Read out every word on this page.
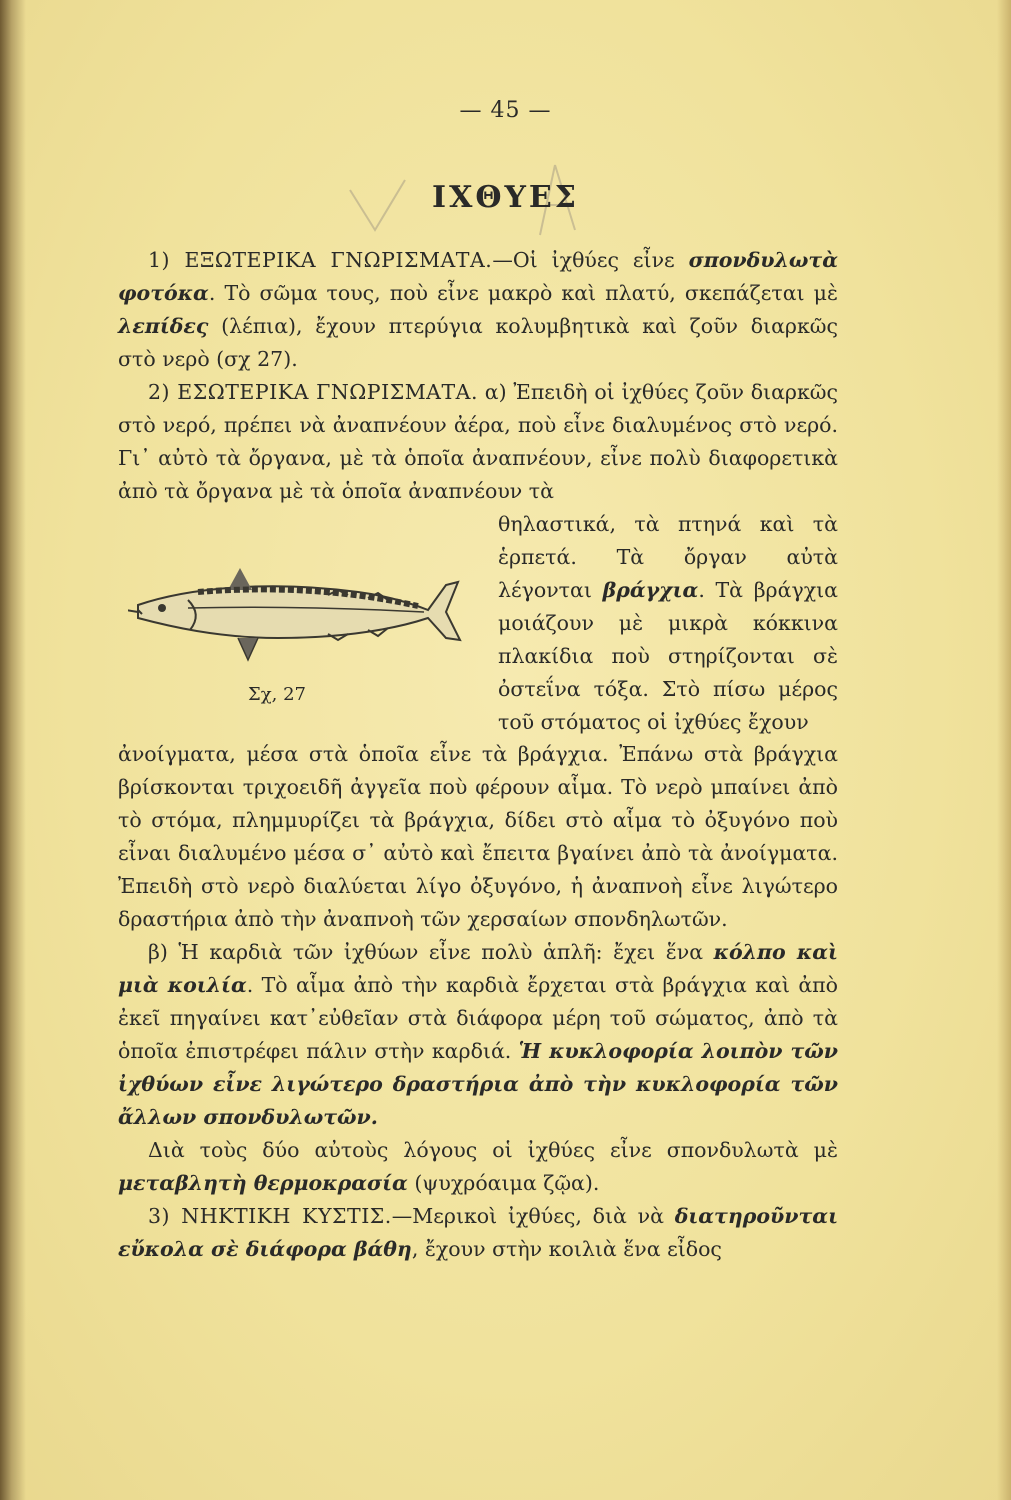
— 45 —
ΙΧΘΥΕΣ

1) ΕΞΩΤΕΡΙΚΑ ΓΝΩΡΙΣΜΑΤΑ.—Οἱ ἰχθύες εἶνε σπονδυλωτὰ φοτόκα. Τὸ σῶμα τους, ποὺ εἶνε μακρὸ καὶ πλατύ, σκεπάζεται μὲ λεπίδες (λέπια), ἔχουν πτερύγια κολυμβητικὰ καὶ ζοῦν διαρκῶς στὸ νερὸ (σχ 27).

2) ΕΣΩΤΕΡΙΚΑ ΓΝΩΡΙΣΜΑΤΑ. α) Ἐπειδὴ οἱ ἰχθύες ζοῦν διαρκῶς στὸ νερό, πρέπει νὰ ἀναπνέουν ἀέρα, ποὺ εἶνε διαλυμένος στὸ νερό. Γι᾿ αὐτὸ τὰ ὄργανα, μὲ τὰ ὁποῖα ἀναπνέουν, εἶνε πολὺ διαφορετικὰ ἀπὸ τὰ ὄργανα μὲ τὰ ὁποῖα ἀναπνέουν τὰ

Σχ, 27
θηλαστικά, τὰ πτηνά καὶ τὰ ἑρπετά. Τὰ ὄργαν αὐτὰ λέγονται βράγχια. Τὰ βράγχια μοιάζουν μὲ μικρὰ κόκκινα πλακίδια ποὺ στηρίζονται σὲ ὀστεΐνα τόξα. Στὸ πίσω μέρος τοῦ στόματος οἱ ἰχθύες ἔχουν

ἀνοίγματα, μέσα στὰ ὁποῖα εἶνε τὰ βράγχια. Ἐπάνω στὰ βράγχια βρίσκονται τριχοειδῆ ἀγγεῖα ποὺ φέρουν αἷμα. Τὸ νερὸ μπαίνει ἀπὸ τὸ στόμα, πλημμυρίζει τὰ βράγχια, δίδει στὸ αἷμα τὸ ὀξυγόνο ποὺ εἶναι διαλυμένο μέσα σ᾿ αὐτὸ καὶ ἔπειτα βγαίνει ἀπὸ τὰ ἀνοίγματα. Ἐπειδὴ στὸ νερὸ διαλύεται λίγο ὀξυγόνο, ἡ ἀναπνοὴ εἶνε λιγώτερο δραστήρια ἀπὸ τὴν ἀναπνοὴ τῶν χερσαίων σπονδηλωτῶν.

β) Ἡ καρδιὰ τῶν ἰχθύων εἶνε πολὺ ἁπλῆ: ἔχει ἕνα κόλπο καὶ μιὰ κοιλία. Τὸ αἷμα ἀπὸ τὴν καρδιὰ ἔρχεται στὰ βράγχια καὶ ἀπὸ ἐκεῖ πηγαίνει κατ᾿εὐθεῖαν στὰ διάφορα μέρη τοῦ σώματος, ἀπὸ τὰ ὁποῖα ἐπιστρέφει πάλιν στὴν καρδιά. Ἡ κυκλοφορία λοιπὸν τῶν ἰχθύων εἶνε λιγώτερο δραστήρια ἀπὸ τὴν κυκλοφορία τῶν ἄλλων σπονδυλωτῶν.

Διὰ τοὺς δύο αὐτοὺς λόγους οἱ ἰχθύες εἶνε σπονδυλωτὰ μὲ μεταβλητὴ θερμοκρασία (ψυχρόαιμα ζῷα).

3) ΝΗΚΤΙΚΗ ΚΥΣΤΙΣ.—Μερικοὶ ἰχθύες, διὰ νὰ διατηροῦνται εὔκολα σὲ διάφορα βάθη, ἔχουν στὴν κοιλιὰ ἕνα εἶδος
